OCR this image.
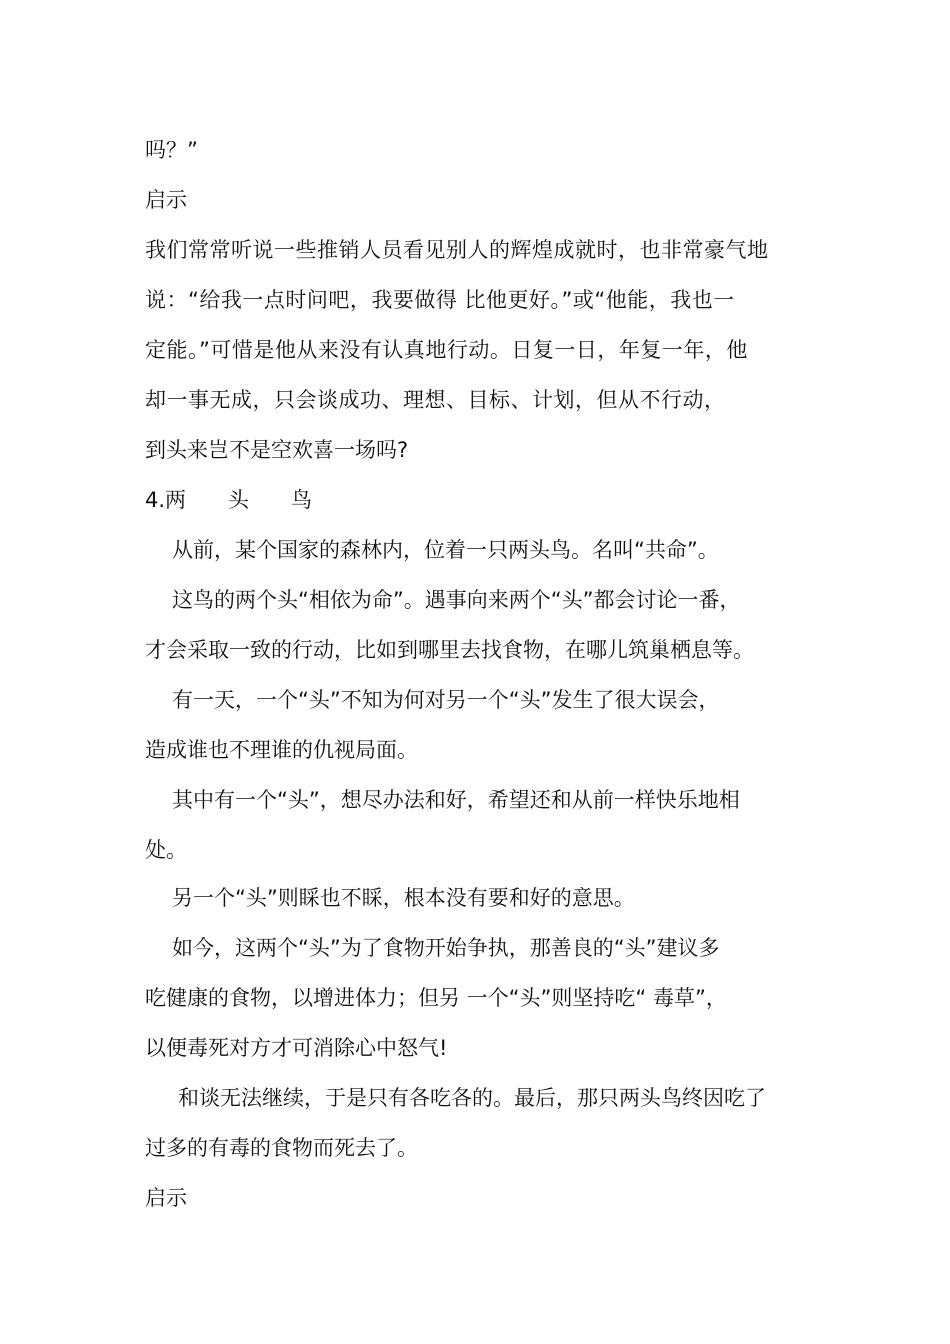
吗？”
启示
我们常常听说一些推销人员看见别人的辉煌成就时，也非常豪气地
说：“给我一点时问吧，我要做得 比他更好。”或“他能，我也一
定能。”可惜是他从来没有认真地行动。日复一日，年复一年，他
却一事无成，只会谈成功、理想、目标、计划，但从不行动，
到头来岂不是空欢喜一场吗?
4.两　　头　　鸟
从前，某个国家的森林内，位着一只两头鸟。名叫“共命”。
这鸟的两个头“相依为命”。遇事向来两个“头”都会讨论一番，
才会采取一致的行动，比如到哪里去找食物，在哪儿筑巢栖息等。
有一天，一个“头”不知为何对另一个“头”发生了很大误会，
造成谁也不理谁的仇视局面。
其中有一个“头”，想尽办法和好，希望还和从前一样快乐地相
处。
另一个“头”则睬也不睬，根本没有要和好的意思。
如今，这两个“头”为了食物开始争执，那善良的“头”建议多
吃健康的食物，以增进体力；但另 一个“头”则坚持吃“ 毒草”，
以便毒死对方才可消除心中怒气!
和谈无法继续，于是只有各吃各的。最后，那只两头鸟终因吃了
过多的有毒的食物而死去了。
启示
